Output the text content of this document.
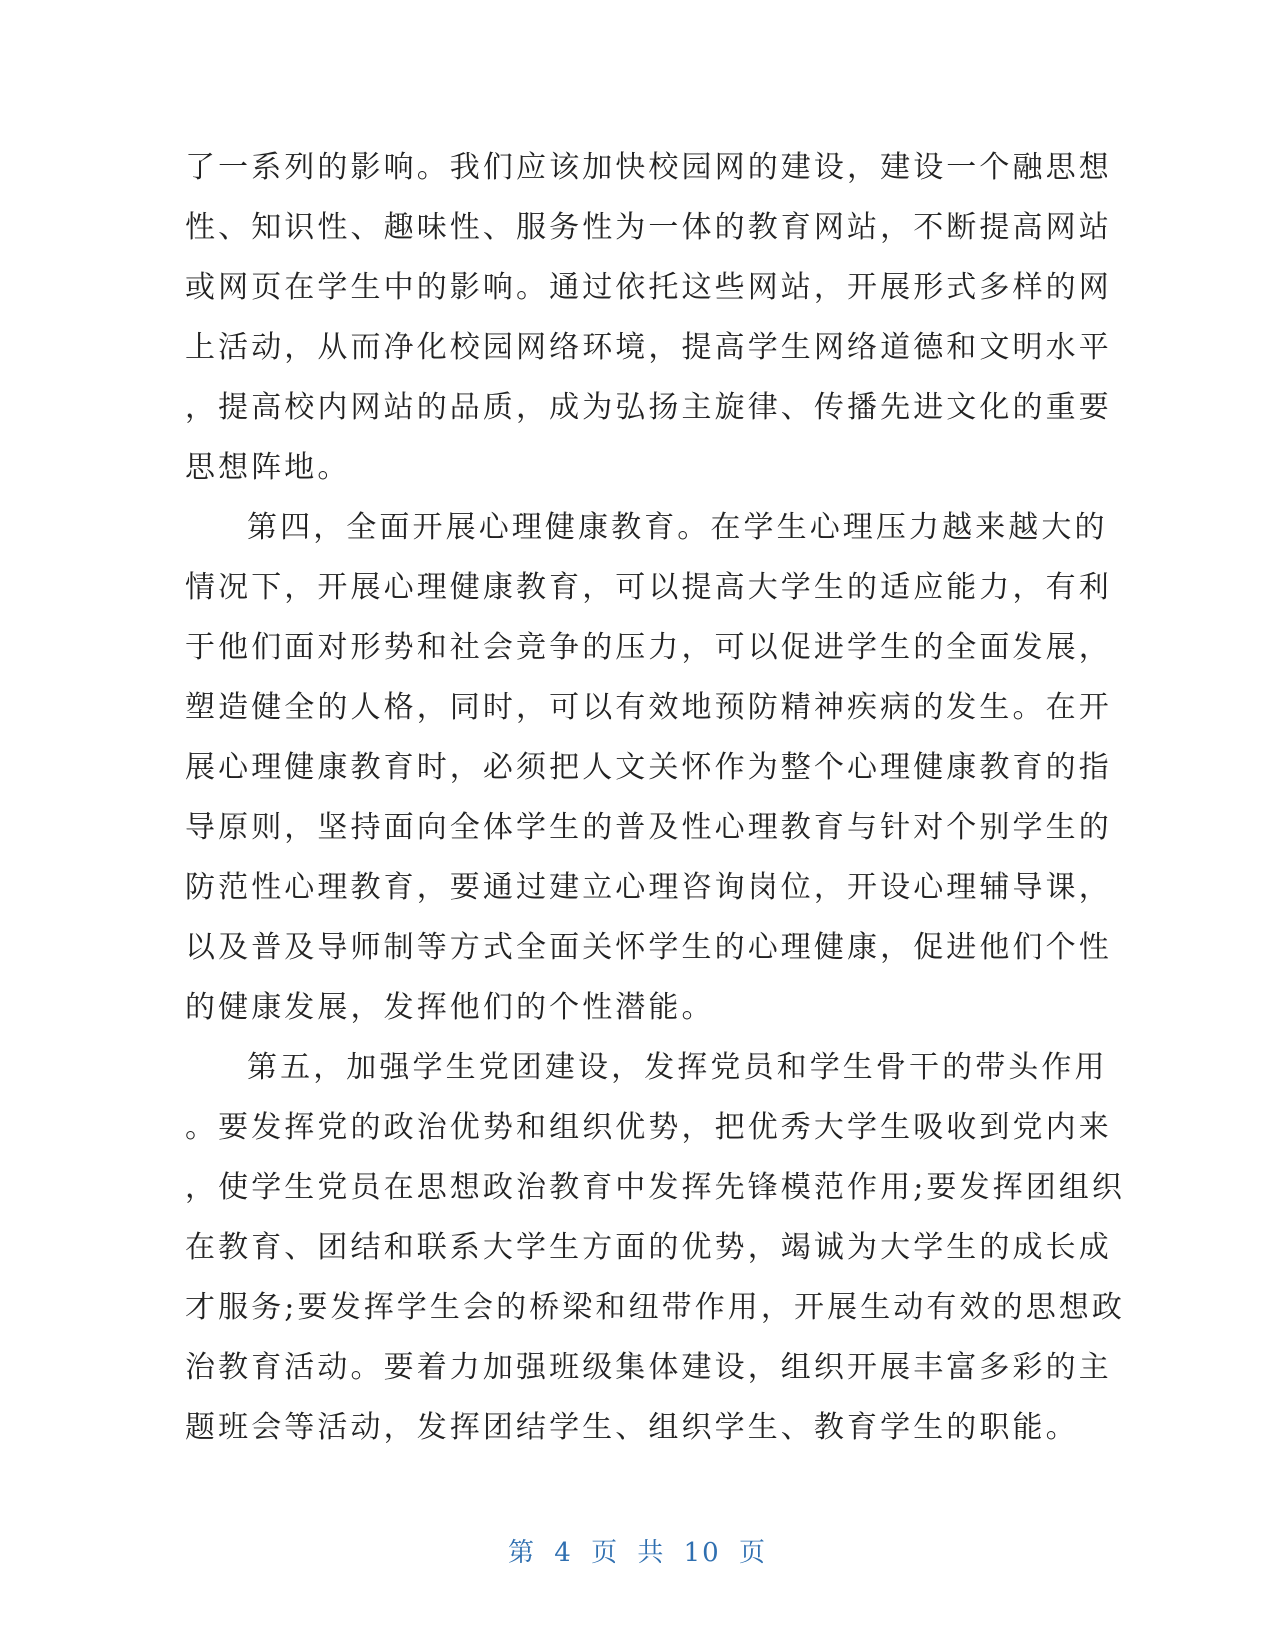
了一系列的影响。我们应该加快校园网的建设，建设一个融思想
性、知识性、趣味性、服务性为一体的教育网站，不断提高网站
或网页在学生中的影响。通过依托这些网站，开展形式多样的网
上活动，从而净化校园网络环境，提高学生网络道德和文明水平
，提高校内网站的品质，成为弘扬主旋律、传播先进文化的重要
思想阵地。
第四，全面开展心理健康教育。在学生心理压力越来越大的
情况下，开展心理健康教育，可以提高大学生的适应能力，有利
于他们面对形势和社会竞争的压力，可以促进学生的全面发展，
塑造健全的人格，同时，可以有效地预防精神疾病的发生。在开
展心理健康教育时，必须把人文关怀作为整个心理健康教育的指
导原则，坚持面向全体学生的普及性心理教育与针对个别学生的
防范性心理教育，要通过建立心理咨询岗位，开设心理辅导课，
以及普及导师制等方式全面关怀学生的心理健康，促进他们个性
的健康发展，发挥他们的个性潜能。
第五，加强学生党团建设，发挥党员和学生骨干的带头作用
。要发挥党的政治优势和组织优势，把优秀大学生吸收到党内来
，使学生党员在思想政治教育中发挥先锋模范作用;要发挥团组织
在教育、团结和联系大学生方面的优势，竭诚为大学生的成长成
才服务;要发挥学生会的桥梁和纽带作用，开展生动有效的思想政
治教育活动。要着力加强班级集体建设，组织开展丰富多彩的主
题班会等活动，发挥团结学生、组织学生、教育学生的职能。
第 4 页 共 10 页
